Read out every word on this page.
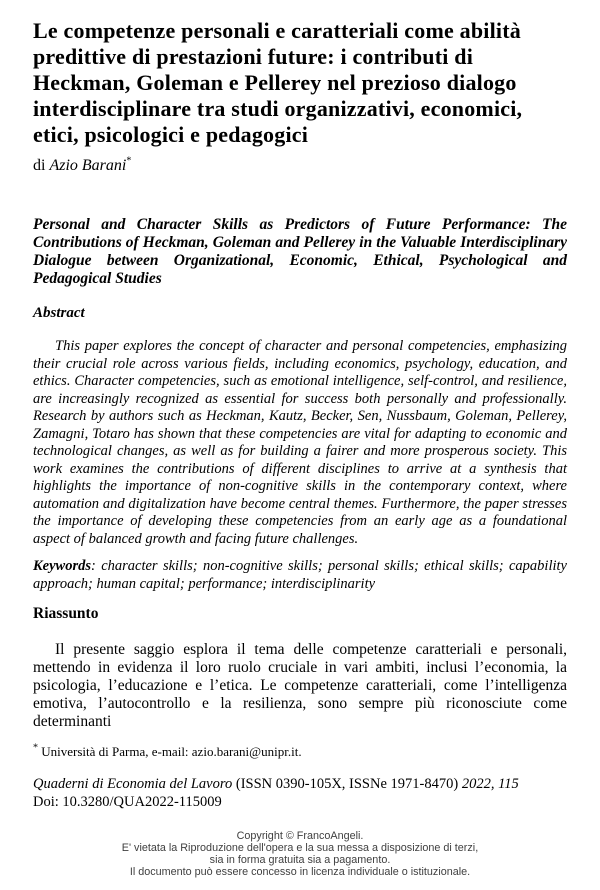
Le competenze personali e caratteriali come abilità predittive di prestazioni future: i contributi di Heckman, Goleman e Pellerey nel prezioso dialogo interdisciplinare tra studi organizzativi, economici, etici, psicologici e pedagogici

di Azio Barani*

Personal and Character Skills as Predictors of Future Performance: The Contributions of Heckman, Goleman and Pellerey in the Valuable Interdisciplinary Dialogue between Organizational, Economic, Ethical, Psychological and Pedagogical Studies

Abstract

This paper explores the concept of character and personal competencies, emphasizing their crucial role across various fields, including economics, psychology, education, and ethics. Character competencies, such as emotional intelligence, self-control, and resilience, are increasingly recognized as essential for success both personally and professionally. Research by authors such as Heckman, Kautz, Becker, Sen, Nussbaum, Goleman, Pellerey, Zamagni, Totaro has shown that these competencies are vital for adapting to economic and technological changes, as well as for building a fairer and more prosperous society. This work examines the contributions of different disciplines to arrive at a synthesis that highlights the importance of non-cognitive skills in the contemporary context, where automation and digitalization have become central themes. Furthermore, the paper stresses the importance of developing these competencies from an early age as a foundational aspect of balanced growth and facing future challenges.

Keywords: character skills; non-cognitive skills; personal skills; ethical skills; capability approach; human capital; performance; interdisciplinarity

Riassunto

Il presente saggio esplora il tema delle competenze caratteriali e personali, mettendo in evidenza il loro ruolo cruciale in vari ambiti, inclusi l’economia, la psicologia, l’educazione e l’etica. Le competenze caratteriali, come l’intelligenza emotiva, l’autocontrollo e la resilienza, sono sempre più riconosciute come determinanti

* Università di Parma, e-mail: azio.barani@unipr.it.

Quaderni di Economia del Lavoro (ISSN 0390-105X, ISSNe 1971-8470) 2022, 115

Doi: 10.3280/QUA2022-115009

Copyright © FrancoAngeli.
E' vietata la Riproduzione dell'opera e la sua messa a disposizione di terzi,
sia in forma gratuita sia a pagamento.
Il documento può essere concesso in licenza individuale o istituzionale.
